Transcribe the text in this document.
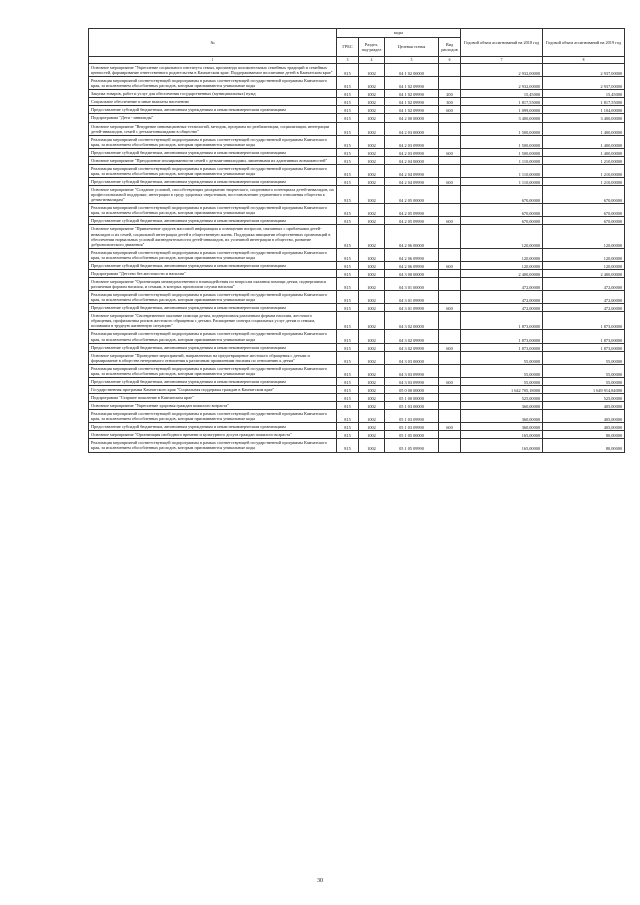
№	коды				Годовой объем ассигнований на 2018 год	Годовой объем ассигнований на 2019 год
	ГРБС	Раздел, под-раздел	Целевая статья	Вид расходов		
1	3	4	5	6	7	8
Основное мероприятие "Укрепление социального института семьи, пропаганда положительных семейных традиций и семейных ценностей, формирование ответственного родительства в Камчатском крае. Поддерживаемое воспитание детей в Камчатском крае"	815	1002	04 1 02 00000		2 932,00000	2 937,00000
Реализация мероприятий соответствующей подпрограммы в рамках соответствующей государственной программы Камчатского края, за исключением обособленных расходов, которым присваиваются уникальные коды	815	1002	04 1 02 09990		2 932,00000	2 937,00000
Закупка товаров, работ и услуг для обеспечения государственных (муниципальных) нужд	815	1002	04 1 02 09990	200	15,45000	15,45000
Социальное обеспечение и иные выплаты населению	815	1002	04 1 02 09990	300	1 817,55000	1 817,55000
Предоставление субсидий бюджетным, автономным учреждениям и иным некоммерческим организациям	815	1002	04 1 02 09990	600	1 099,00000	1 104,00000
Подпрограмма "Дети - инвалиды"	815	1002	04 2 00 00000		3 400,00000	3 400,00000
Основное мероприятие "Внедрение инновационных технологий, методик, программ по реабилитации, социализации, интеграции детей-инвалидов, семей с детьми-инвалидами в общество"	815	1002	04 2 03 00000		1 500,00000	1 400,00000
Реализация мероприятий соответствующей подпрограммы в рамках соответствующей государственной программы Камчатского края, за исключением обособленных расходов, которым присваиваются уникальные коды	815	1002	04 2 03 09990		1 500,00000	1 400,00000
Предоставление субсидий бюджетным, автономным учреждениям и иным некоммерческим организациям	815	1002	04 2 03 09990	600	1 500,00000	1 400,00000
Основное мероприятие "Преодоление изолированности семей с детьми-инвалидами, лишенными их адаптивных возможностей"	815	1002	04 2 04 00000		1 110,00000	1 210,00000
Реализация мероприятий соответствующей подпрограммы в рамках соответствующей государственной программы Камчатского края, за исключением обособленных расходов, которым присваиваются уникальные коды	815	1002	04 2 04 09990		1 110,00000	1 210,00000
Предоставление субсидий бюджетным, автономным учреждениям и иным некоммерческим организациям	815	1002	04 2 04 09990	600	1 110,00000	1 210,00000
Основное мероприятие "Создание условий, способствующих раскрытию творческого, спортивного потенциала детей-инвалидов, их профессиональной поддержке, интеграции в среду здоровых сверстников, восстановлению утраченного отношения общества к детям-инвалидам"	815	1002	04 2 05 00000		670,00000	670,00000
Реализация мероприятий соответствующей подпрограммы в рамках соответствующей государственной программы Камчатского края, за исключением обособленных расходов, которым присваиваются уникальные коды	815	1002	04 2 05 09990		670,00000	670,00000
Предоставление субсидий бюджетным, автономным учреждениям и иным некоммерческим организациям	815	1002	04 2 05 09990	600	670,00000	670,00000
Основное мероприятие "Привлечение средств массовой информации к освещению вопросов, связанных с проблемами детей-инвалидов и их семей, социальной интеграции детей в общественную жизнь. Поддержка инициатив общественных организаций в обеспечении нормальных условий жизнедеятельности детей-инвалидов, их успешной интеграции в общество, развитие добровольческого движения"	815	1002	04 2 06 00000		120,00000	120,00000
Реализация мероприятий соответствующей подпрограммы в рамках соответствующей государственной программы Камчатского края, за исключением обособленных расходов, которым присваиваются уникальные коды	815	1002	04 2 06 09990		120,00000	120,00000
Предоставление субсидий бюджетным, автономным учреждениям и иным некоммерческим организациям	815	1002	04 2 06 09990	600	120,00000	120,00000
Подпрограмма "Детство без жестокости и насилия"	815	1002	04 3 00 00000		2 400,00000	2 400,00000
Основное мероприятие "Организация межведомственного взаимодействия по вопросам оказания помощи детям, подвергшимся различным формам насилия, и семьям, в которых произошли случаи насилия"	815	1002	04 3 01 00000		472,00000	472,00000
Реализация мероприятий соответствующей подпрограммы в рамках соответствующей государственной программы Камчатского края, за исключением обособленных расходов, которым присваиваются уникальные коды	815	1002	04 3 01 09990		472,00000	472,00000
Предоставление субсидий бюджетным, автономным учреждениям и иным некоммерческим организациям	815	1002	04 3 01 09990	600	472,00000	472,00000
Основное мероприятие "Своевременное оказание помощи детям, подвергшимся различным формам насилия, жестокого обращения, профилактика рисков жестокого обращения с детьми. Расширение спектра социальных услуг детям и семьям, попавшим в трудную жизненную ситуацию"	815	1002	04 3 02 00000		1 873,00000	1 873,00000
Реализация мероприятий соответствующей подпрограммы в рамках соответствующей государственной программы Камчатского края, за исключением обособленных расходов, которым присваиваются уникальные коды	815	1002	04 3 02 09990		1 873,00000	1 873,00000
Предоставление субсидий бюджетным, автономным учреждениям и иным некоммерческим организациям	815	1002	04 3 02 09990	600	1 873,00000	1 873,00000
Основное мероприятие "Проведение мероприятий, направленных на предотвращение жестокого обращения с детьми и формирование в обществе нетерпимого отношения к различным проявлениям насилия по отношению к детям"	815	1002	04 3 03 00000		55,00000	55,00000
Реализация мероприятий соответствующей подпрограммы в рамках соответствующей государственной программы Камчатского края, за исключением обособленных расходов, которым присваиваются уникальные коды	815	1002	04 3 03 09990		55,00000	55,00000
Предоставление субсидий бюджетным, автономным учреждениям и иным некоммерческим организациям	815	1002	04 3 03 09990	600	55,00000	55,00000
Государственная программа Камчатского края "Социальная поддержка граждан в Камчатском крае"	815	1002	05 0 00 00000		1 642 705,18000	1 649 914,84000
Подпрограмма "Старшее поколение в Камчатском крае"	815	1002	05 1 00 00000		525,00000	525,00000
Основное мероприятие "Укрепление здоровья граждан пожилого возраста"	815	1002	05 1 03 00000		360,00000	405,00000
Реализация мероприятий соответствующей подпрограммы в рамках соответствующей государственной программы Камчатского края, за исключением обособленных расходов, которым присваиваются уникальные коды	815	1002	05 1 03 09990		360,00000	405,00000
Предоставление субсидий бюджетным, автономным учреждениям и иным некоммерческим организациям	815	1002	05 1 03 09990	600	360,00000	405,00000
Основное мероприятие "Организация свободного времени и культурного досуга граждан пожилого возраста"	815	1002	05 1 05 00000		165,00000	80,00000
Реализация мероприятий соответствующей подпрограммы в рамках соответствующей государственной программы Камчатского края, за исключением обособленных расходов, которым присваиваются уникальные коды	815	1002	05 1 05 09990		165,00000	80,00000
30
